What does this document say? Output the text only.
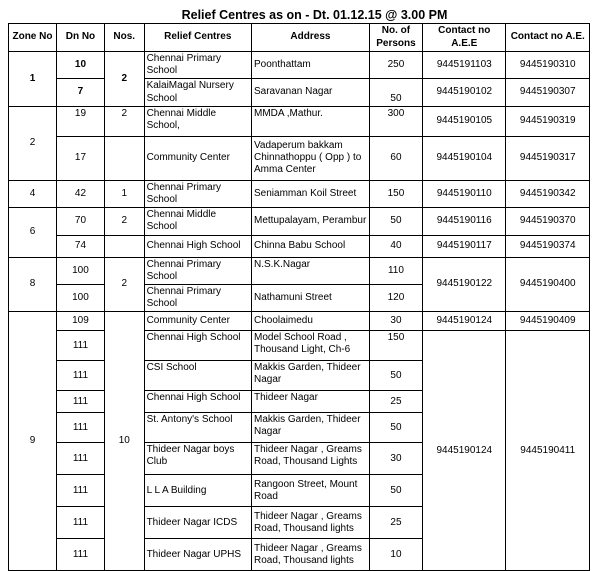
Relief Centres as on - Dt. 01.12.15 @ 3.00 PM
Zone No	Dn No	Nos.	Relief Centres	Address	No. of Persons	Contact no A.E.E	Contact no A.E.
1	10	2	Chennai Primary School	Poonthattam	250	9445191103	9445190310
	7		KalaiMagal Nursery School	Saravanan Nagar	50	9445190102	9445190307
2	19	2	Chennai Middle School,	MMDA ,Mathur.	300	9445190105	9445190319
	17		Community Center	Vadaperum bakkam Chinnathoppu ( Opp ) to Amma Center	60	9445190104	9445190317
4	42	1	Chennai Primary School	Seniamman Koil Street	150	9445190110	9445190342
6	70	2	Chennai Middle School	Mettupalayam, Perambur	50	9445190116	9445190370
	74		Chennai High School	Chinna Babu School	40	9445190117	9445190374
8	100	2	Chennai Primary School	N.S.K.Nagar	110	9445190122	9445190400
	100		Chennai Primary School	Nathamuni Street	120		
9	109	10	Community Center	Choolaimedu	30	9445190124	9445190409
	111		Chennai High School	Model School Road , Thousand Light, Ch-6	150	9445190124	9445190411
	111		CSI School	Makkis Garden, Thideer Nagar	50		
	111		Chennai High School	Thideer Nagar	25		
	111		St. Antony's School	Makkis Garden, Thideer Nagar	50		
	111		Thideer Nagar boys Club	Thideer Nagar , Greams Road, Thousand Lights	30		
	111		L L A Building	Rangoon Street, Mount Road	50		
	111		Thideer Nagar ICDS	Thideer Nagar , Greams Road, Thousand lights	25		
	111		Thideer Nagar UPHS	Thideer Nagar , Greams Road, Thousand lights	10		
